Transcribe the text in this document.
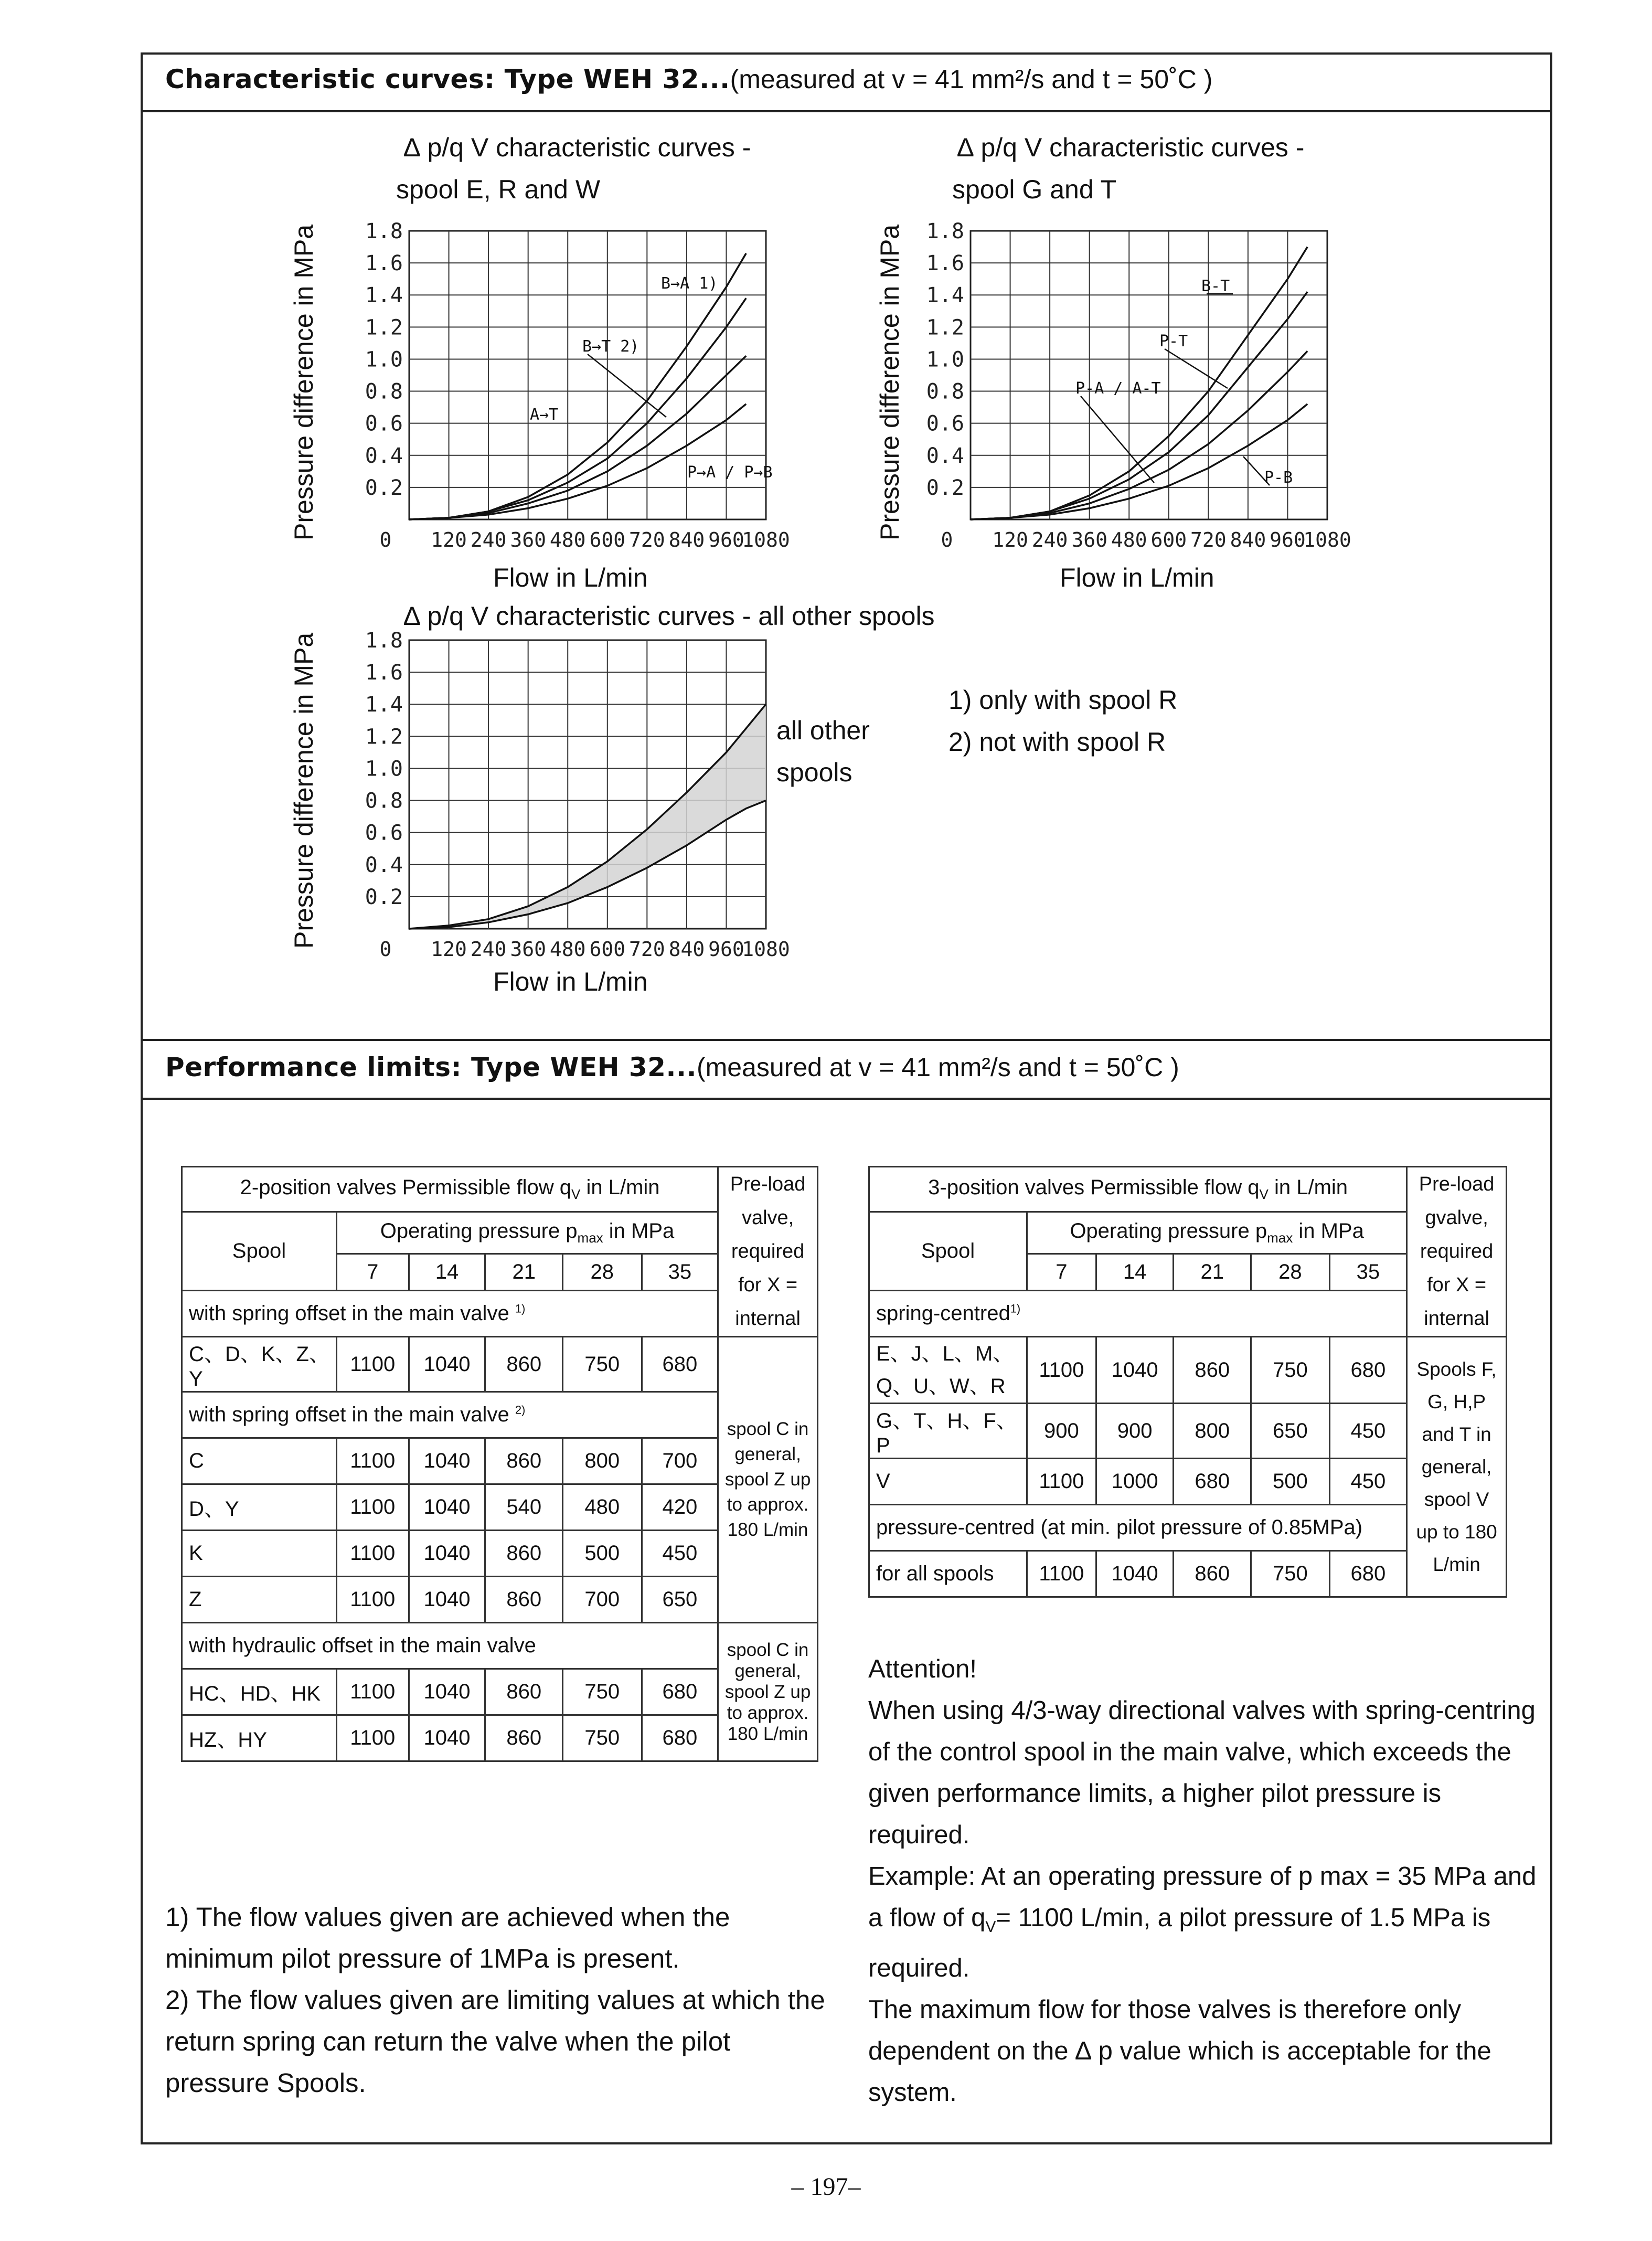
Characteristic curves: Type WEH 32...(measured at v = 41 mm²/s and t = 50˚C )
∆ p/q V characteristic curves -
spool E, R and W
∆ p/q V characteristic curves -
spool G and T
∆ p/q V characteristic curves - all other spools
Pressure difference in MPa	Pressure difference in MPa
Pressure difference in MPa
Flow in L/min	Flow in L/min
Flow in L/min
0.2
0.4
0.6
0.8
1.0
1.2
1.4
1.6
1.8
0 120 240 360 480 600 720 840 960
1080
B→A 1)
B→T 2)
A→T
P→A / P→B
0.2
0.4
0.6
0.8
1.0
1.2
1.4
1.6
1.8
0 120 240 360 480 600 720 840 960
1080
B-T
P-T
P-A / A-T
P-B
0.2
0.4
0.6
0.8
1.0
1.2
1.4
1.6
1.8
0 120 240 360 480 600 720 840 960
1080
all other spools
1) only with spool R
2) not with spool R
Performance limits: Type WEH 32...(measured at v = 41 mm²/s and t = 50˚C )
2-position valves Permissible flow $q_V$ in L/min						Pre-load valve, required for X = internal
Spool	Operating pressure $p_{max}$ in MPa					
	7	14	21	28	35	
with spring offset in the main valve $^{1)}$
C、D、K、Z、Y	1100	1040	860	750	680	spool C in general, spool Z up to approx. 180 L/min
with spring offset in the main valve $^{2)}$
C	1100	1040	860	800	700	
D、Y	1100	1040	540	480	420	
K	1100	1040	860	500	450	
Z	1100	1040	860	700	650	
with hydraulic offset in the main valve						spool C in general, spool Z up to approx. 180 L/min
HC、HD、HK	1100	1040	860	750	680	
HZ、HY	1100	1040	860	750	680	
3-position valves Permissible flow $q_V$ in L/min						Pre-load gvalve, required for X = internal
Spool	Operating pressure $p_{max}$ in MPa					
	7	14	21	28	35	
spring-centred$^{1)}$
E、J、L、M、
Q、U、W、R	1100	1040	860	750	680	Spools F, G, H,P and T in general, spool V up to 180 L/min
G、T、H、F、P	900	900	800	650	450	
V	1100	1000	680	500	450	
pressure-centred (at min. pilot pressure of 0.85MPa)						
for all spools	1100	1040	860	750	680	
Attention!
When using 4/3-way directional valves with spring-centring of the control spool in the main valve, which exceeds the given performance limits, a higher pilot pressure is required.
Example: At an operating pressure of p max = 35 MPa and a flow of $q_V= 1100$ L/min, a pilot pressure of 1.5 MPa is required.
The maximum flow for those valves is therefore only dependent on the ∆ p value which is acceptable for the system.
1) The flow values given are achieved when the minimum pilot pressure of 1MPa is present.
2) The flow values given are limiting values at which the return spring can return the valve when the pilot pressure Spools.
– 197–
